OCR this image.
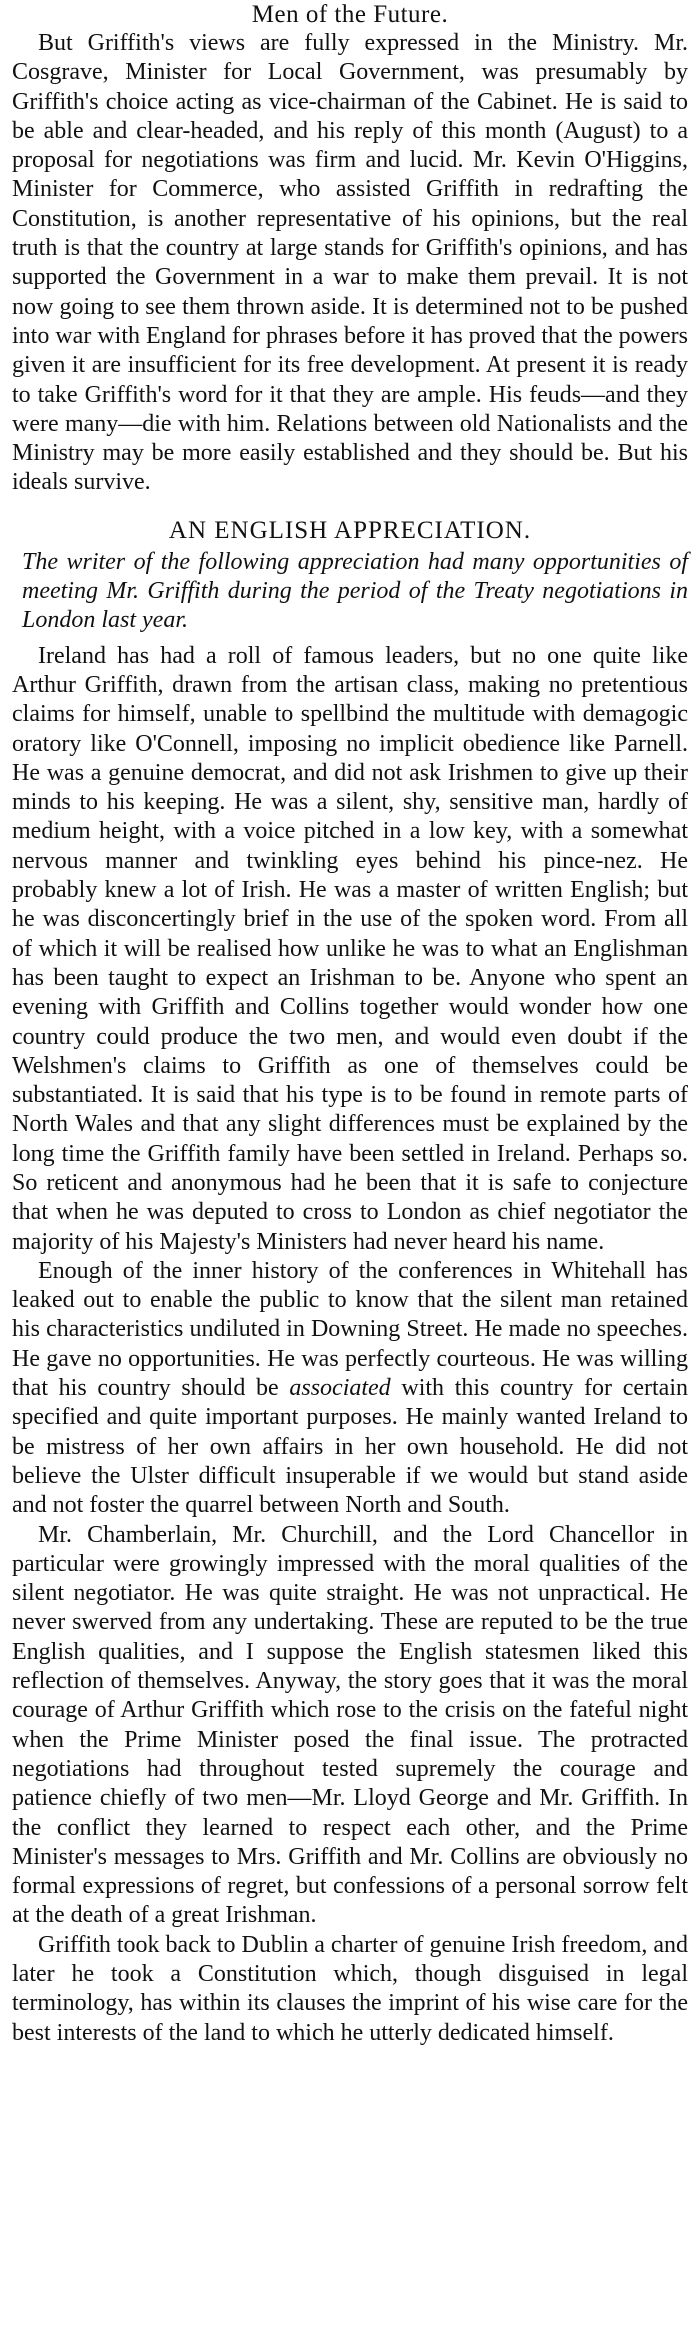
Men of the Future.

But Griffith's views are fully expressed in the Ministry. Mr. Cosgrave, Minister for Local Government, was presumably by Griffith's choice acting as vice-chairman of the Cabinet. He is said to be able and clear-headed, and his reply of this month (August) to a proposal for negotiations was firm and lucid. Mr. Kevin O'Higgins, Minister for Commerce, who assisted Griffith in redrafting the Constitution, is another representative of his opinions, but the real truth is that the country at large stands for Griffith's opinions, and has supported the Government in a war to make them prevail. It is not now going to see them thrown aside. It is determined not to be pushed into war with England for phrases before it has proved that the powers given it are insufficient for its free development. At present it is ready to take Griffith's word for it that they are ample. His feuds—and they were many—die with him. Relations between old Nationalists and the Ministry may be more easily established and they should be. But his ideals survive.

AN ENGLISH APPRECIATION.

The writer of the following appreciation had many opportunities of meeting Mr. Griffith during the period of the Treaty negotiations in London last year.

Ireland has had a roll of famous leaders, but no one quite like Arthur Griffith, drawn from the artisan class, making no pretentious claims for himself, unable to spellbind the multitude with demagogic oratory like O'Connell, imposing no implicit obedience like Parnell. He was a genuine democrat, and did not ask Irishmen to give up their minds to his keeping. He was a silent, shy, sensitive man, hardly of medium height, with a voice pitched in a low key, with a somewhat nervous manner and twinkling eyes behind his pince-nez. He probably knew a lot of Irish. He was a master of written English; but he was disconcertingly brief in the use of the spoken word. From all of which it will be realised how unlike he was to what an Englishman has been taught to expect an Irishman to be. Anyone who spent an evening with Griffith and Collins together would wonder how one country could produce the two men, and would even doubt if the Welshmen's claims to Griffith as one of themselves could be substantiated. It is said that his type is to be found in remote parts of North Wales and that any slight differences must be explained by the long time the Griffith family have been settled in Ireland. Perhaps so. So reticent and anonymous had he been that it is safe to conjecture that when he was deputed to cross to London as chief negotiator the majority of his Majesty's Ministers had never heard his name.

Enough of the inner history of the conferences in Whitehall has leaked out to enable the public to know that the silent man retained his characteristics undiluted in Downing Street. He made no speeches. He gave no opportunities. He was perfectly courteous. He was willing that his country should be associated with this country for certain specified and quite important purposes. He mainly wanted Ireland to be mistress of her own affairs in her own household. He did not believe the Ulster difficult insuperable if we would but stand aside and not foster the quarrel between North and South.

Mr. Chamberlain, Mr. Churchill, and the Lord Chancellor in particular were growingly impressed with the moral qualities of the silent negotiator. He was quite straight. He was not unpractical. He never swerved from any undertaking. These are reputed to be the true English qualities, and I suppose the English statesmen liked this reflection of themselves. Anyway, the story goes that it was the moral courage of Arthur Griffith which rose to the crisis on the fateful night when the Prime Minister posed the final issue. The protracted negotiations had throughout tested supremely the courage and patience chiefly of two men—Mr. Lloyd George and Mr. Griffith. In the conflict they learned to respect each other, and the Prime Minister's messages to Mrs. Griffith and Mr. Collins are obviously no formal expressions of regret, but confessions of a personal sorrow felt at the death of a great Irishman.

Griffith took back to Dublin a charter of genuine Irish freedom, and later he took a Constitution which, though disguised in legal terminology, has within its clauses the imprint of his wise care for the best interests of the land to which he utterly dedicated himself.
